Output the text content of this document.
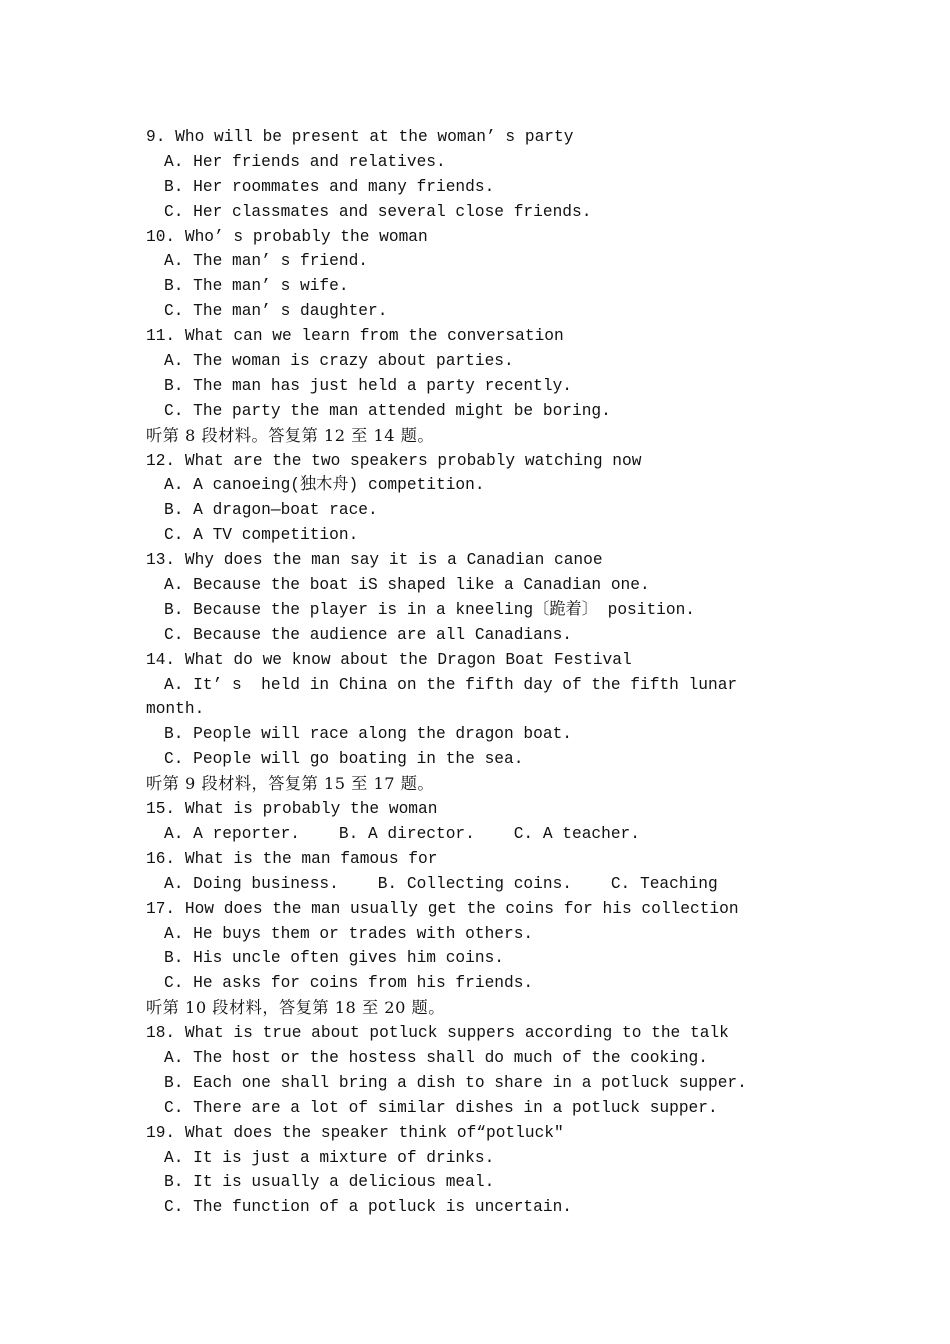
9. Who will be present at the woman’ s party
A. Her friends and relatives.
B. Her roommates and many friends.
C. Her classmates and several close friends.
10. Who’ s probably the woman
A. The man’ s friend.
B. The man’ s wife.
C. The man’ s daughter.
11. What can we learn from the conversation
A. The woman is crazy about parties.
B. The man has just held a party recently.
C. The party the man attended might be boring.
听第 8 段材料。答复第 12 至 14 题。
12. What are the two speakers probably watching now
A. A canoeing(独木舟) competition.
B. A dragon—boat race.
C. A TV competition.
13. Why does the man say it is a Canadian canoe
A. Because the boat iS shaped like a Canadian one.
B. Because the player is in a kneeling〔跪着〕 position.
C. Because the audience are all Canadians.
14. What do we know about the Dragon Boat Festival
A. It’ s  held in China on the fifth day of the fifth lunar
month.
B. People will race along the dragon boat.
C. People will go boating in the sea.
听第 9 段材料，答复第 15 至 17 题。
15. What is probably the woman
A. A reporter.    B. A director.    C. A teacher.
16. What is the man famous for
A. Doing business.    B. Collecting coins.    C. Teaching
17. How does the man usually get the coins for his collection
A. He buys them or trades with others.
B. His uncle often gives him coins.
C. He asks for coins from his friends.
听第 10 段材料，答复第 18 至 20 题。
18. What is true about potluck suppers according to the talk
A. The host or the hostess shall do much of the cooking.
B. Each one shall bring a dish to share in a potluck supper.
C. There are a lot of similar dishes in a potluck supper.
19. What does the speaker think of“potluck″
A. It is just a mixture of drinks.
B. It is usually a delicious meal.
C. The function of a potluck is uncertain.
